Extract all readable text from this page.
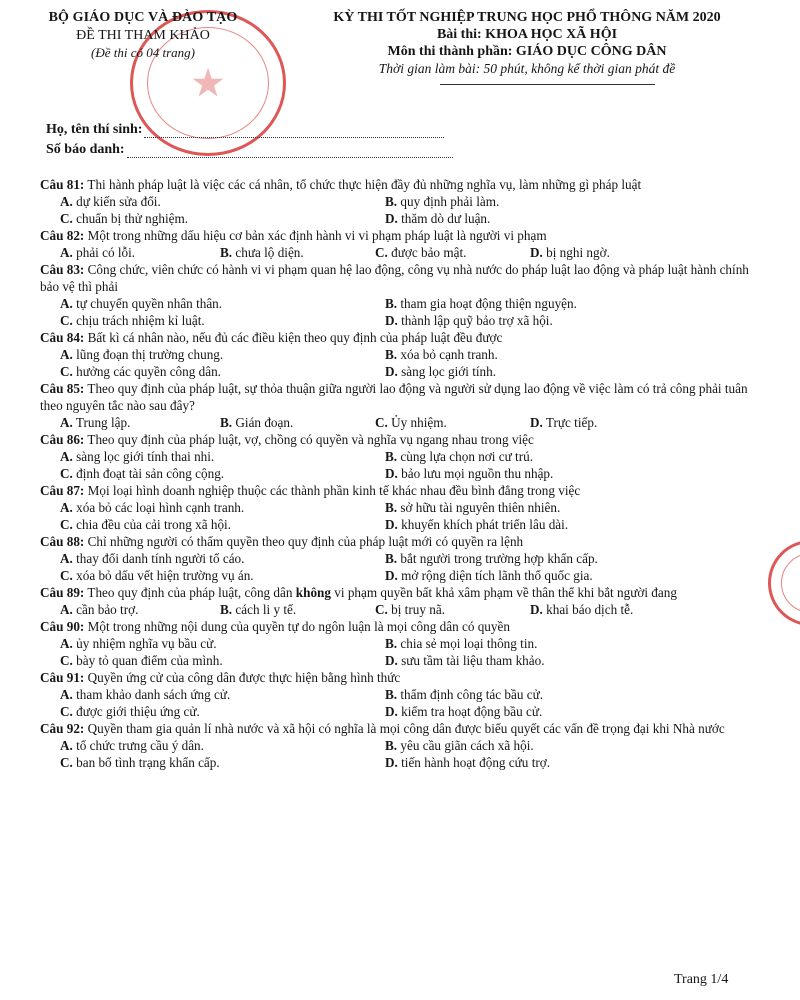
★
BỘ GIÁO DỤC VÀ ĐÀO TẠO
ĐỀ THI THAM KHẢO
(Đề thi có 04 trang)
KỲ THI TỐT NGHIỆP TRUNG HỌC PHỔ THÔNG NĂM 2020
Bài thi: KHOA HỌC XÃ HỘI
Môn thi thành phần: GIÁO DỤC CÔNG DÂN
Thời gian làm bài: 50 phút, không kể thời gian phát đề
Họ, tên thí sinh:
Số báo danh:
Câu 81: Thi hành pháp luật là việc các cá nhân, tổ chức thực hiện đầy đủ những nghĩa vụ, làm những gì pháp luật
A. dự kiến sửa đổi.	B. quy định phải làm.
C. chuẩn bị thử nghiệm.	D. thăm dò dư luận.
Câu 82: Một trong những dấu hiệu cơ bản xác định hành vi vi phạm pháp luật là người vi phạm
A. phải có lỗi.	B. chưa lộ diện.	C. được bảo mật.	D. bị nghi ngờ.
Câu 83: Công chức, viên chức có hành vi vi phạm quan hệ lao động, công vụ nhà nước do pháp luật lao động và pháp luật hành chính bảo vệ thì phải
A. tự chuyển quyền nhân thân.	B. tham gia hoạt động thiện nguyện.
C. chịu trách nhiệm kỉ luật.	D. thành lập quỹ bảo trợ xã hội.
Câu 84: Bất kì cá nhân nào, nếu đủ các điều kiện theo quy định của pháp luật đều được
A. lũng đoạn thị trường chung.	B. xóa bỏ cạnh tranh.
C. hưởng các quyền công dân.	D. sàng lọc giới tính.
Câu 85: Theo quy định của pháp luật, sự thỏa thuận giữa người lao động và người sử dụng lao động về việc làm có trả công phải tuân theo nguyên tắc nào sau đây?
A. Trung lập.	B. Gián đoạn.	C. Ủy nhiệm.	D. Trực tiếp.
Câu 86: Theo quy định của pháp luật, vợ, chồng có quyền và nghĩa vụ ngang nhau trong việc
A. sàng lọc giới tính thai nhi.	B. cùng lựa chọn nơi cư trú.
C. định đoạt tài sản công cộng.	D. bảo lưu mọi nguồn thu nhập.
Câu 87: Mọi loại hình doanh nghiệp thuộc các thành phần kinh tế khác nhau đều bình đẳng trong việc
A. xóa bỏ các loại hình cạnh tranh.	B. sở hữu tài nguyên thiên nhiên.
C. chia đều của cải trong xã hội.	D. khuyến khích phát triển lâu dài.
Câu 88: Chỉ những người có thẩm quyền theo quy định của pháp luật mới có quyền ra lệnh
A. thay đổi danh tính người tố cáo.	B. bắt người trong trường hợp khẩn cấp.
C. xóa bỏ dấu vết hiện trường vụ án.	D. mở rộng diện tích lãnh thổ quốc gia.
Câu 89: Theo quy định của pháp luật, công dân không vi phạm quyền bất khả xâm phạm về thân thể khi bắt người đang
A. cần bảo trợ.	B. cách li y tế.	C. bị truy nã.	D. khai báo dịch tễ.
Câu 90: Một trong những nội dung của quyền tự do ngôn luận là mọi công dân có quyền
A. ủy nhiệm nghĩa vụ bầu cử.	B. chia sẻ mọi loại thông tin.
C. bày tỏ quan điểm của mình.	D. sưu tầm tài liệu tham khảo.
Câu 91: Quyền ứng cử của công dân được thực hiện bằng hình thức
A. tham khảo danh sách ứng cử.	B. thẩm định công tác bầu cử.
C. được giới thiệu ứng cử.	D. kiểm tra hoạt động bầu cử.
Câu 92: Quyền tham gia quản lí nhà nước và xã hội có nghĩa là mọi công dân được biểu quyết các vấn đề trọng đại khi Nhà nước
A. tổ chức trưng cầu ý dân.	B. yêu cầu giãn cách xã hội.
C. ban bố tình trạng khẩn cấp.	D. tiến hành hoạt động cứu trợ.
Trang 1/4
